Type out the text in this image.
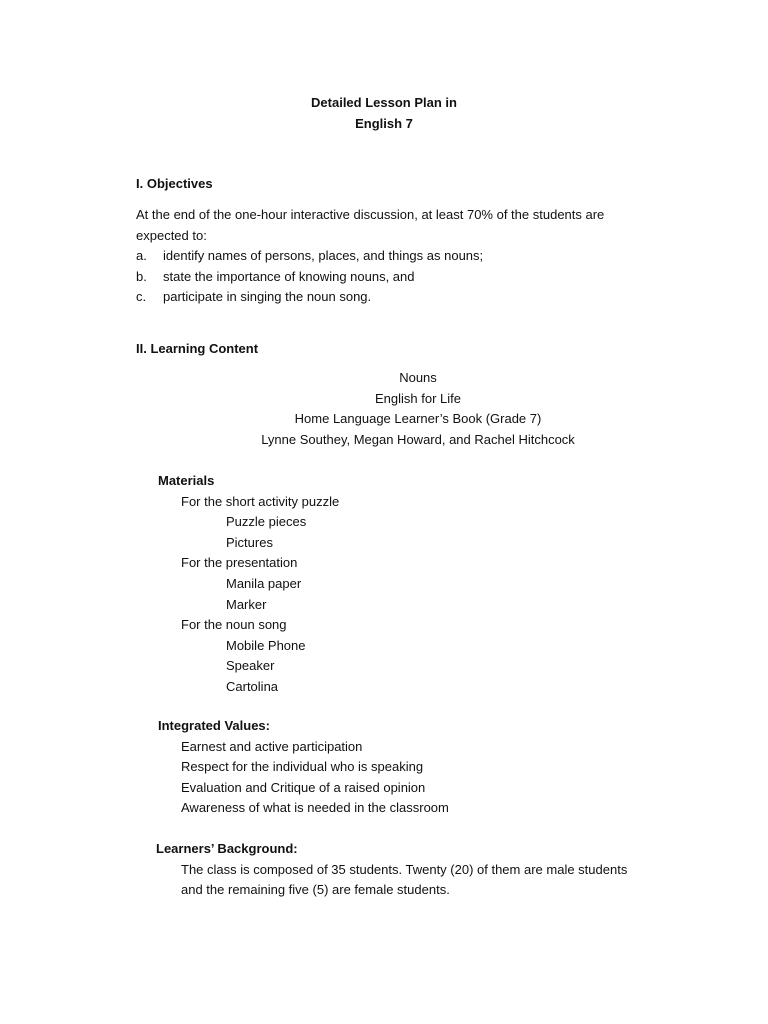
Detailed Lesson Plan in
English 7
I. Objectives
At the end of the one-hour interactive discussion, at least 70% of the students are
expected to:
a.	identify names of persons, places, and things as nouns;
b.	state the importance of knowing nouns, and
c.	participate in singing the noun song.
II. Learning Content
Nouns
English for Life
Home Language Learner’s Book (Grade 7)
Lynne Southey, Megan Howard, and Rachel Hitchcock
Materials
For the short activity puzzle
Puzzle pieces
Pictures
For the presentation
Manila paper
Marker
For the noun song
Mobile Phone
Speaker
Cartolina
Integrated Values:
Earnest and active participation
Respect for the individual who is speaking
Evaluation and Critique of a raised opinion
Awareness of what is needed in the classroom
Learners’ Background:
The class is composed of 35 students. Twenty (20) of them are male students
and the remaining five (5) are female students.
